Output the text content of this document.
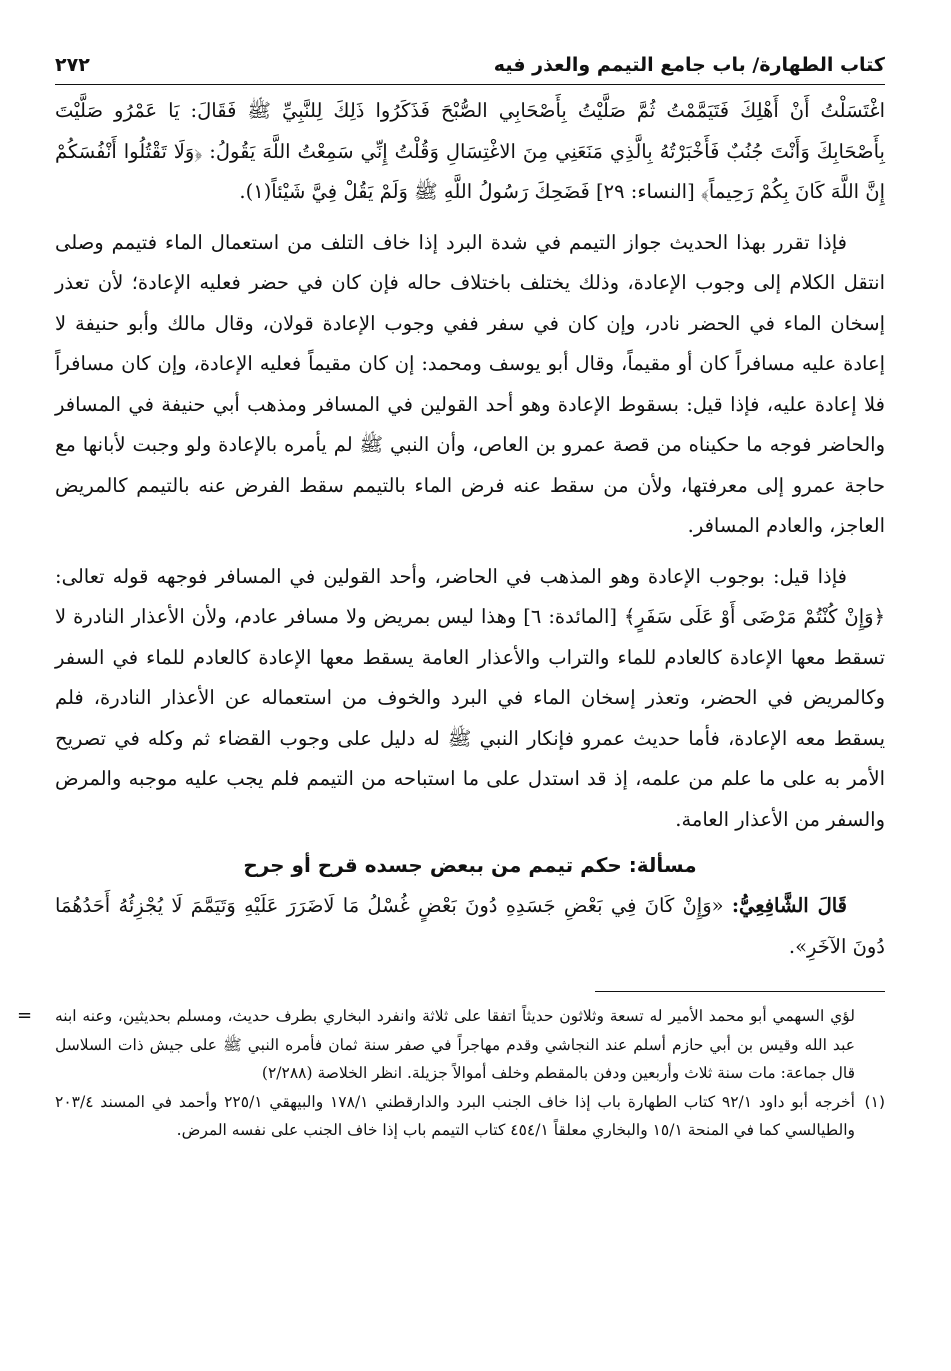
كتاب الطهارة/ باب جامع التيمم والعذر فيه
٢٧٢

اغْتَسَلْتُ أَنْ أَهْلِكَ فَتَيَمَّمْتُ ثُمَّ صَلَّيْتُ بِأَصْحَابِي الصُّبْحَ فَذَكَرُوا ذَلِكَ لِلنَّبِيِّ ﷺ فَقَالَ: يَا عَمْرُو صَلَّيْتَ بِأَصْحَابِكَ وَأَنْتَ جُنُبٌ فَأَخْبَرْتُهُ بِالَّذِي مَنَعَنِي مِنَ الاغْتِسَالِ وَقُلْتُ إِنِّي سَمِعْتُ اللَّهَ يَقُولُ: ﴿وَلَا تَقْتُلُوا أَنْفُسَكُمْ إِنَّ اللَّهَ كَانَ بِكُمْ رَحِيماً﴾ [النساء: ٢٩] فَضَحِكَ رَسُولُ اللَّهِ ﷺ وَلَمْ يَقُلْ فِيَّ شَيْئاً(١).

فإذا تقرر بهذا الحديث جواز التيمم في شدة البرد إذا خاف التلف من استعمال الماء فتيمم وصلى انتقل الكلام إلى وجوب الإعادة، وذلك يختلف باختلاف حاله فإن كان في حضر فعليه الإعادة؛ لأن تعذر إسخان الماء في الحضر نادر، وإن كان في سفر ففي وجوب الإعادة قولان، وقال مالك وأبو حنيفة لا إعادة عليه مسافراً كان أو مقيماً، وقال أبو يوسف ومحمد: إن كان مقيماً فعليه الإعادة، وإن كان مسافراً فلا إعادة عليه، فإذا قيل: بسقوط الإعادة وهو أحد القولين في المسافر ومذهب أبي حنيفة في المسافر والحاضر فوجه ما حكيناه من قصة عمرو بن العاص، وأن النبي ﷺ لم يأمره بالإعادة ولو وجبت لأبانها مع حاجة عمرو إلى معرفتها، ولأن من سقط عنه فرض الماء بالتيمم سقط الفرض عنه بالتيمم كالمريض العاجز، والعادم المسافر.

فإذا قيل: بوجوب الإعادة وهو المذهب في الحاضر، وأحد القولين في المسافر فوجهه قوله تعالى: ﴿وَإِنْ كُنْتُمْ مَرْضَى أَوْ عَلَى سَفَرٍ﴾ [المائدة: ٦] وهذا ليس بمريض ولا مسافر عادم، ولأن الأعذار النادرة لا تسقط معها الإعادة كالعادم للماء والتراب والأعذار العامة يسقط معها الإعادة كالعادم للماء في السفر وكالمريض في الحضر، وتعذر إسخان الماء في البرد والخوف من استعماله عن الأعذار النادرة، فلم يسقط معه الإعادة، فأما حديث عمرو فإنكار النبي ﷺ له دليل على وجوب القضاء ثم وكله في تصريح الأمر به على ما علم من علمه، إذ قد استدل على ما استباحه من التيمم فلم يجب عليه موجبه والمرض والسفر من الأعذار العامة.

مسألة: حكم تيمم من ببعض جسده قرح أو جرح

قَالَ الشَّافِعِيُّ: «وَإِنْ كَانَ فِي بَعْضِ جَسَدِهِ دُونَ بَعْضٍ غُسْلُ مَا لَاضَرَرَ عَلَيْهِ وَتَيَمَّمَ لَا يُجْزِئُهُ أَحَدُهُمَا دُونَ الآخَرِ».

= لؤي السهمي أبو محمد الأمير له تسعة وثلاثون حديثاً اتفقا على ثلاثة وانفرد البخاري بطرف حديث، ومسلم بحديثين، وعنه ابنه عبد الله وقيس بن أبي حازم أسلم عند النجاشي وقدم مهاجراً في صفر سنة ثمان فأمره النبي ﷺ على جيش ذات السلاسل قال جماعة: مات سنة ثلاث وأربعين ودفن بالمقطم وخلف أموالاً جزيلة. انظر الخلاصة (٢/٢٨٨)
(١)
أخرجه أبو داود ٩٢/١ كتاب الطهارة باب إذا خاف الجنب البرد والدارقطني ١٧٨/١ والبيهقي ٢٢٥/١ وأحمد في المسند ٢٠٣/٤ والطيالسي كما في المنحة ١٥/١ والبخاري معلقاً ٤٥٤/١ كتاب التيمم باب إذا خاف الجنب على نفسه المرض.
